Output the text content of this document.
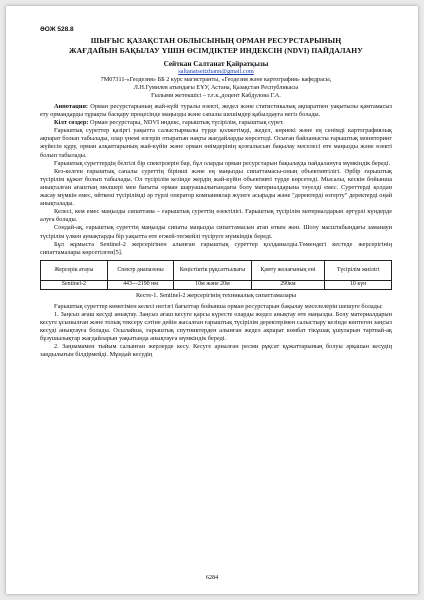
ӘОЖ 528.8
ШЫҒЫС ҚАЗАҚСТАН ОБЛЫСЫНЫҢ ОРМАН РЕСУРСТАРЫНЫҢ
ЖАҒДАЙЫН БАҚЫЛАУ ҮШІН ӨСІМДІКТЕР ИНДЕКСІН (NDVI) ПАЙДАЛАНУ
Сейткан Салтанат Қайратқызы
saltanatseitzhann@gmail.com
7M07311-«Геодезия» ББ 2 курс магистранты, «Геодезия және картография» кафедрасы,
Л.Н.Гумилев атындағы ЕҰУ, Астана, Қазақстан Республикасы
Ғылыми жетекшісі – т.ғ.к.,доцент Кабдулова Г.А.

Аннотация: Орман ресурстарының жай-күйі туралы өзекті, жедел және статистикалық ақпаратпен уақытылы қамтамасыз ету ормандарды тұрақты басқару процесінде маңызды және сапалы шешімдер қабылдауға негіз болады.

Кілт сөздер: Орман ресурстары, NDVI индекс, ғарыштық түсірілім, ғарыштық сурет.

Ғарыштық суреттер қазіргі уақытта салыстырмалы түрде қолжетімді, жедел, көрнекі және ең сенімді картографиялық ақпарат болып табылады, олар үнемі өзгеріп отыратын нақты жағдайларды көрсетеді. Осыған байланысты ғарыштық мониторинг жүйесін құру, орман алқаптарының жай-күйін және орман өнімдерінің қозғалысын бақылау мәселесі өте маңызды және өзекті болып табылады.

Ғарыштық суреттердің белгілі бір спектрлерін бар, бұл оларды орман ресурстарын бақылауда пайдалануға мүмкіндік береді.

Кез-келген ғарыштық сапалы суреттің бірінші және ең маңызды сипаттамасы-оның объективтілігі. Әрбір ғарыштық түсірілім құжат болып табылады. Ол түсірілім кезінде жердің жай-күйін объективті түрде көрсетеді. Мысалы, кескін бойынша анықталған ағаштың мөлшері мен бағыты орман шаруашылығындағы болу материалдарына тәуелді емес. Суреттерді қолдан жасау мүмкін емес, өйткені түсірілімді әр түрлі оператор компаниялар жүзеге асырады және "деректерді өзгерту" деректерді оңай анықталады.

Келесі, кем емес маңызды сипаттама – ғарыштық суреттің өзектілігі. Ғарыштық түсірілім материалдарын әртүрлі күндерде алуға болады.

Сондай-ақ, ғарыштық суреттің маңызды сипаты маңызды сипаттамасын атап өткен жөн. Шолу масштабындағы заманауи түсірілім үлкен аумақтарды бір уақытта өте егжей-тегжейлі түсіруге мүмкіндік береді.

Бұл жұмыста Sentinel-2 жерсерігінен алынған ғарыштық суреттер қолданылды.Төмендегі кестеде жерсерігінің сипаттамалары көрсетілген[5].

Жерсерік атауы	Спектр диапазоны	Кеңістіктік рұқсаттылығы	Қамту жолағының ені	Түсірілім жиілігі
Sentinel-2	443—2190 нм	10м және 20м	290км	10 күн
Кесте-1. Sentinel-2 жерсерігінің техникалық сипаттамалары

Ғарыштық суреттер көмегімен келесі негізгі бағыттар бойынша орман ресурстарын бақылау мәселелерін шешуге болады:

1. Заңсыз ағаш кесуді анықтау. Заңсыз ағаш кесуге қарсы күресте оларды жедел анықтау өте маңызды. Болу материалдарын кесуге ұсынылған және толық тексеру сәтіне дейін жасалған ғарыштық түсірілім деректерімен салыстыру кезінде көптеген заңсыз кесуді анықтауға болады. Осылайша, ғарыштық спутниктерден алынған жедел ақпарат көмбат тікұшақ ұшуларын тартпай-ақ бұзушылықтар жағдайларын уақытында анықтауға мүмкіндік береді.

2. Заңнамамен тыйым салынған жерлерде кесу. Кесуге арналған ресми рұқсат құжаттарының болуы әрқашан кесудің заңдылығын білдірмейді. Мұндай кесудің

6284
